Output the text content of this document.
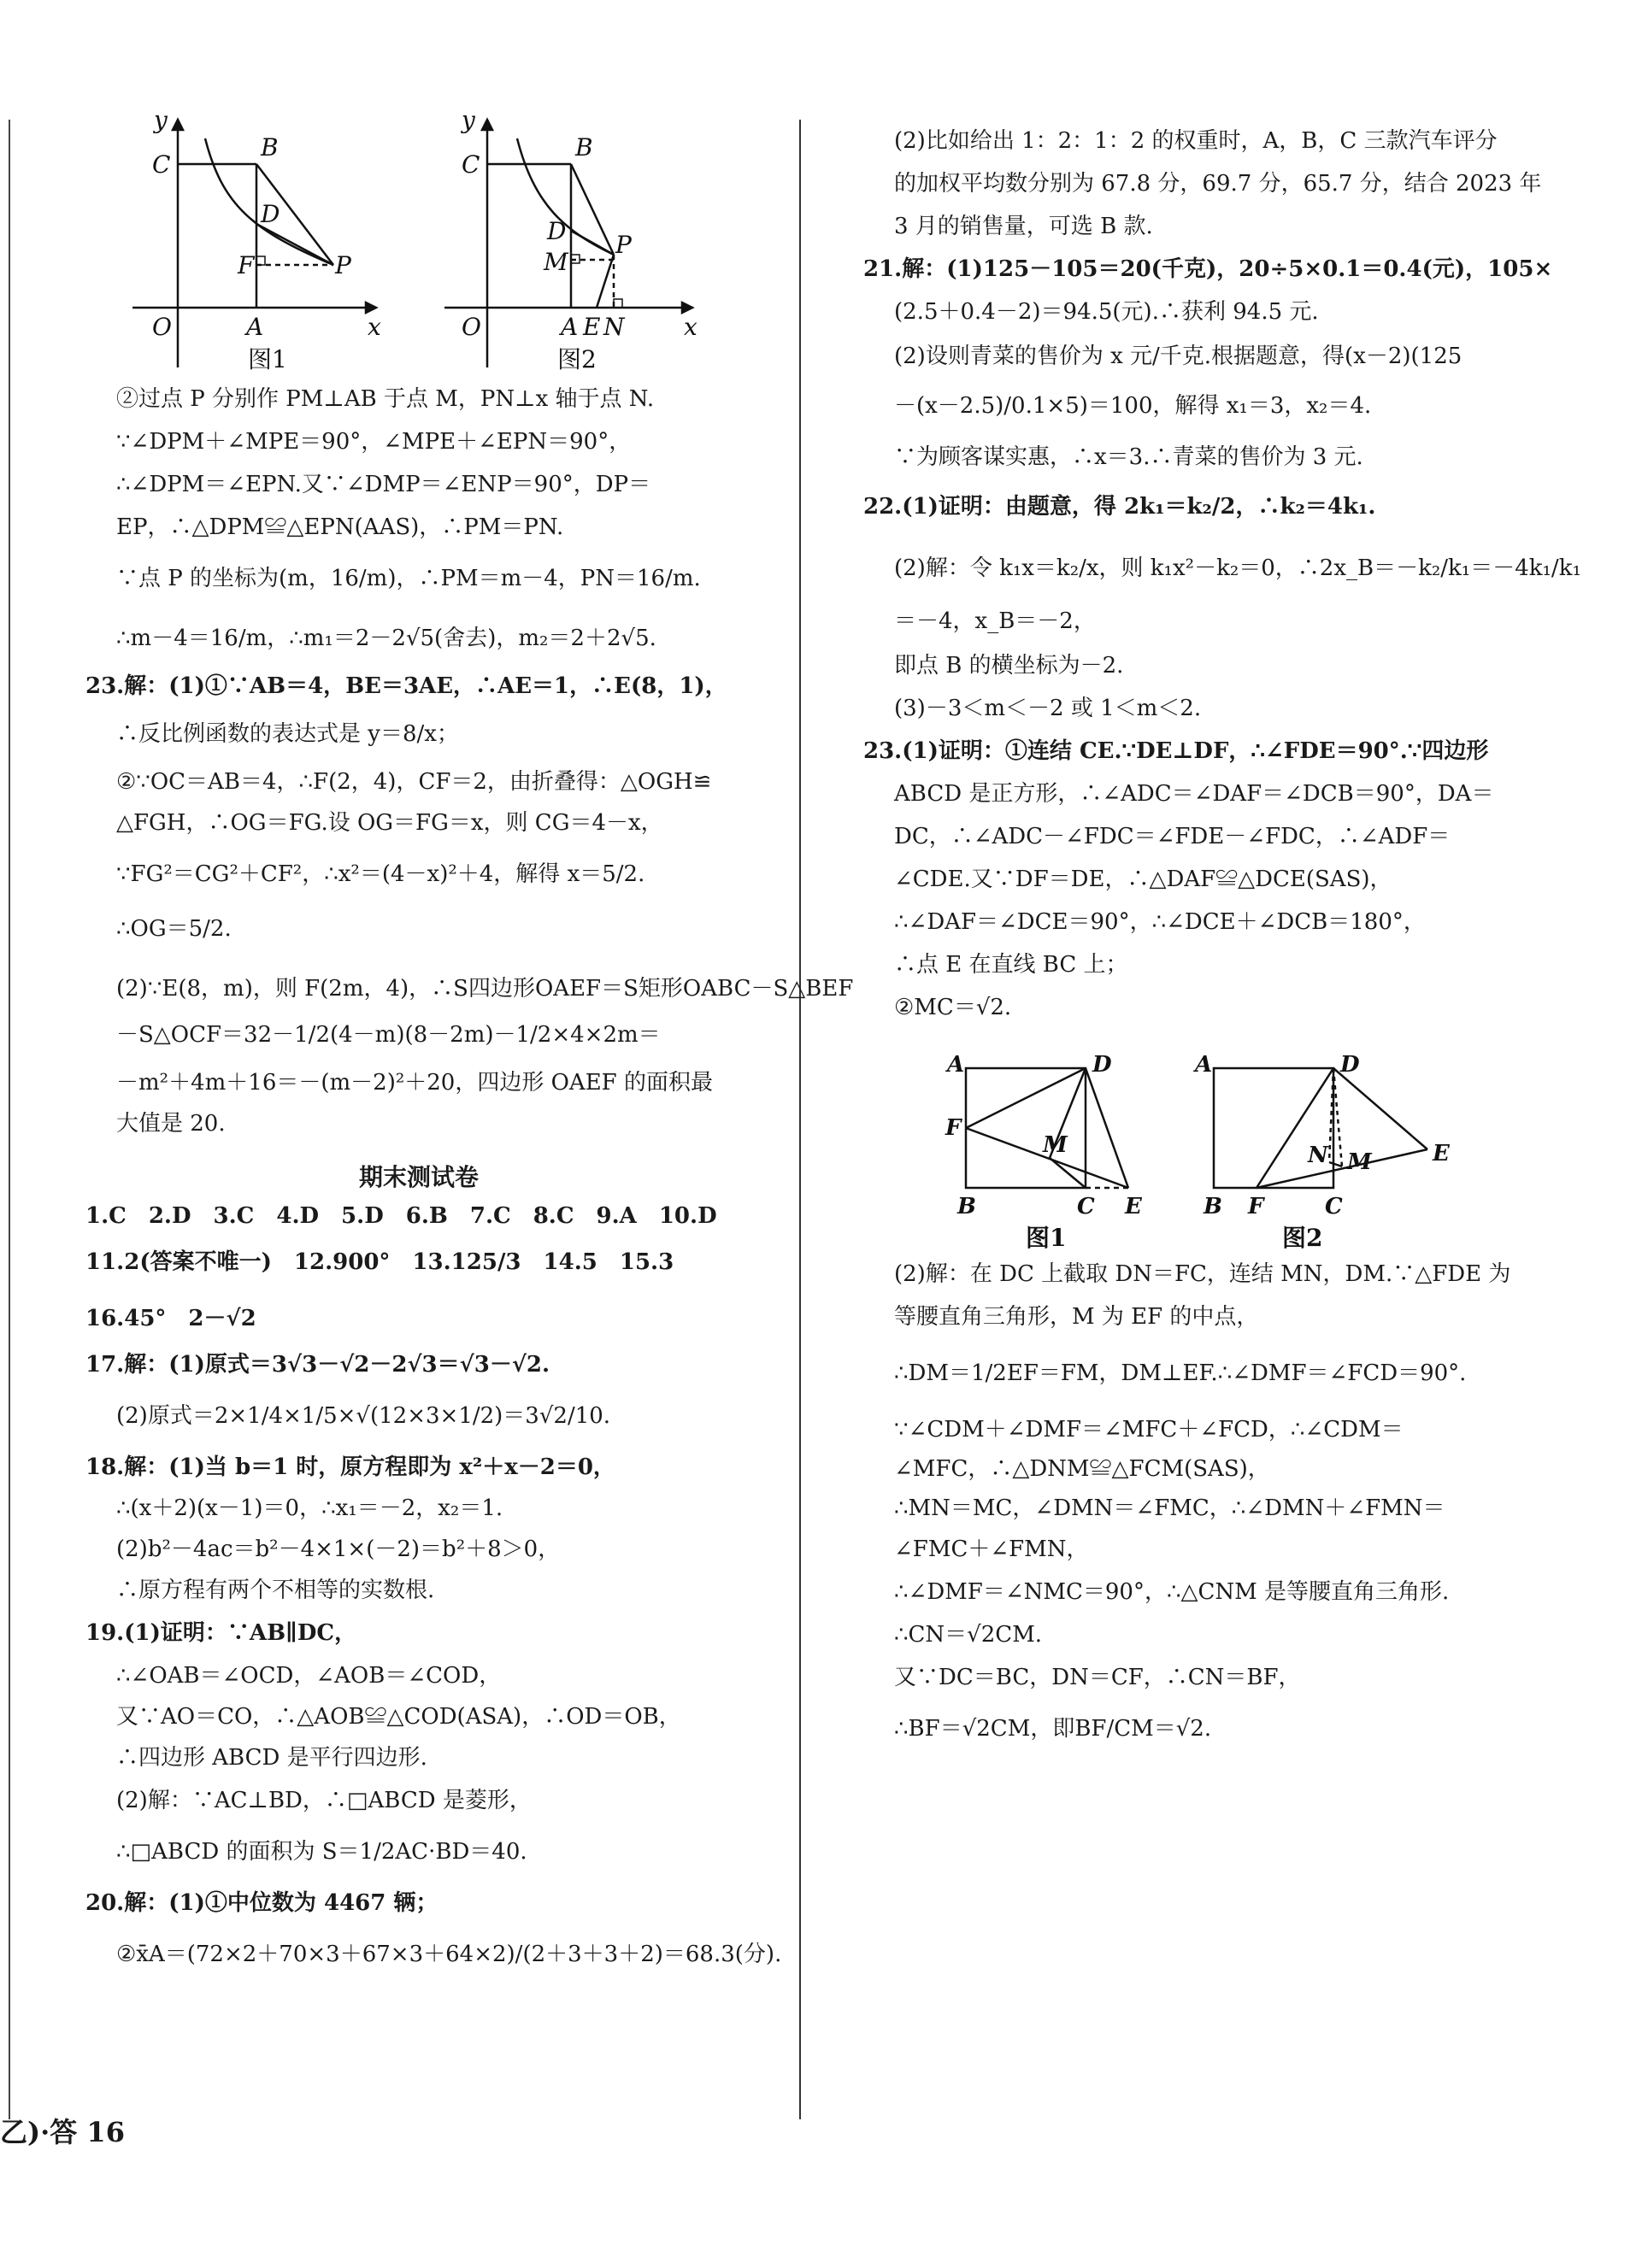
y
x
O	A
B
C
D
F	P
图1
y
x
O	A E N
B
C
D
M
P
图2
②过点 P 分别作 PM⊥AB 于点 M，PN⊥x 轴于点 N.
∵∠DPM＋∠MPE＝90°，∠MPE＋∠EPN＝90°，
∴∠DPM＝∠EPN.又∵∠DMP＝∠ENP＝90°，DP＝
EP，∴△DPM≌△EPN(AAS)，∴PM＝PN.
∵点 P 的坐标为(m，16/m)，∴PM＝m－4，PN＝16/m.
∴m－4＝16/m，∴m₁＝2－2√5(舍去)，m₂＝2＋2√5.
23.解：(1)①∵AB＝4，BE＝3AE，∴AE＝1，∴E(8，1)，
∴反比例函数的表达式是 y＝8/x；
②∵OC＝AB＝4，∴F(2，4)，CF＝2，由折叠得：△OGH≌
△FGH，∴OG＝FG.设 OG＝FG＝x，则 CG＝4－x，
∵FG²＝CG²＋CF²，∴x²＝(4－x)²＋4，解得 x＝5/2.
∴OG＝5/2.
(2)∵E(8，m)，则 F(2m，4)，∴S四边形OAEF＝S矩形OABC－S△BEF
－S△OCF＝32－1/2(4－m)(8－2m)－1/2×4×2m＝
－m²＋4m＋16＝－(m－2)²＋20，四边形 OAEF 的面积最
大值是 20.
期末测试卷
1.C　2.D　3.C　4.D　5.D　6.B　7.C　8.C　9.A　10.D
11.2(答案不唯一)　12.900°　13.125/3　14.5　15.3
16.45°　2－√2
17.解：(1)原式＝3√3－√2－2√3＝√3－√2.
(2)原式＝2×1/4×1/5×√(12×3×1/2)＝3√2/10.
18.解：(1)当 b＝1 时，原方程即为 x²＋x－2＝0，
∴(x＋2)(x－1)＝0，∴x₁＝－2，x₂＝1.
(2)b²－4ac＝b²－4×1×(－2)＝b²＋8＞0，
∴原方程有两个不相等的实数根.
19.(1)证明：∵AB∥DC，
∴∠OAB＝∠OCD，∠AOB＝∠COD，
又∵AO＝CO，∴△AOB≌△COD(ASA)，∴OD＝OB，
∴四边形 ABCD 是平行四边形.
(2)解：∵AC⊥BD，∴□ABCD 是菱形，
∴□ABCD 的面积为 S＝1/2AC·BD＝40.
20.解：(1)①中位数为 4467 辆；
②x̄A＝(72×2＋70×3＋67×3＋64×2)/(2＋3＋3＋2)＝68.3(分).
乙)·答 16
(2)比如给出 1：2：1：2 的权重时，A，B，C 三款汽车评分
的加权平均数分别为 67.8 分，69.7 分，65.7 分，结合 2023 年
3 月的销售量，可选 B 款.
21.解：(1)125－105＝20(千克)，20÷5×0.1＝0.4(元)，105×
(2.5＋0.4－2)＝94.5(元).∴获利 94.5 元.
(2)设则青菜的售价为 x 元/千克.根据题意，得(x－2)(125
－(x－2.5)/0.1×5)＝100，解得 x₁＝3，x₂＝4.
∵为顾客谋实惠，∴x＝3.∴青菜的售价为 3 元.
22.(1)证明：由题意，得 2k₁＝k₂/2，∴k₂＝4k₁.
(2)解：令 k₁x＝k₂/x，则 k₁x²－k₂＝0，∴2x_B＝－k₂/k₁＝－4k₁/k₁
＝－4，x_B＝－2，
即点 B 的横坐标为－2.
(3)－3＜m＜－2 或 1＜m＜2.
23.(1)证明：①连结 CE.∵DE⊥DF，∴∠FDE＝90°.∵四边形
ABCD 是正方形，∴∠ADC＝∠DAF＝∠DCB＝90°，DA＝
DC，∴∠ADC－∠FDC＝∠FDE－∠FDC，∴∠ADF＝
∠CDE.又∵DF＝DE，∴△DAF≌△DCE(SAS)，
∴∠DAF＝∠DCE＝90°，∴∠DCE＋∠DCB＝180°，
∴点 E 在直线 BC 上；
②MC＝√2.
A	D
F
M
B	C E
图1
A	D
N M	E
B F	C
图2
(2)解：在 DC 上截取 DN＝FC，连结 MN，DM.∵△FDE 为
等腰直角三角形，M 为 EF 的中点，
∴DM＝1/2EF＝FM，DM⊥EF.∴∠DMF＝∠FCD＝90°.
∵∠CDM＋∠DMF＝∠MFC＋∠FCD，∴∠CDM＝
∠MFC，∴△DNM≌△FCM(SAS)，
∴MN＝MC，∠DMN＝∠FMC，∴∠DMN＋∠FMN＝
∠FMC＋∠FMN，
∴∠DMF＝∠NMC＝90°，∴△CNM 是等腰直角三角形.
∴CN＝√2CM.
又∵DC＝BC，DN＝CF，∴CN＝BF，
∴BF＝√2CM，即BF/CM＝√2.
